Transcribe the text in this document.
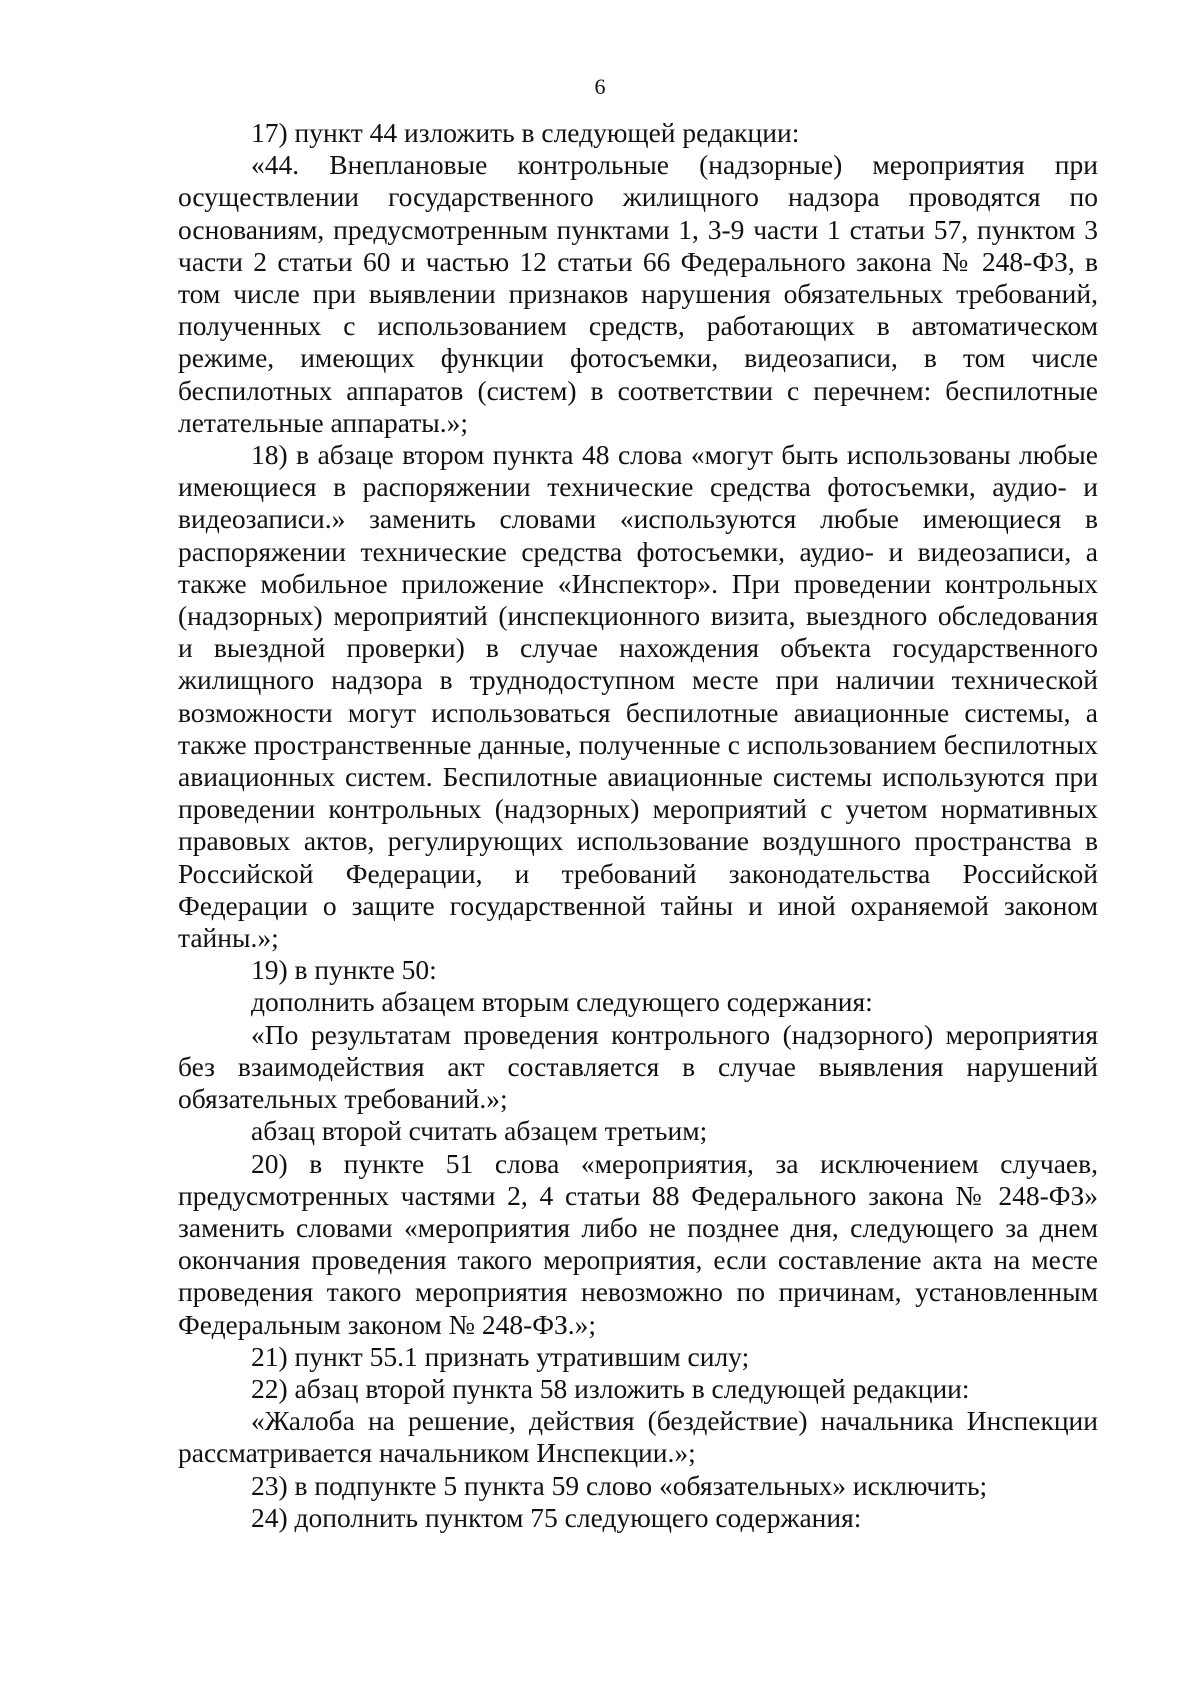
6

17) пункт 44 изложить в следующей редакции:

«44. Внеплановые контрольные (надзорные) мероприятия при осуществлении государственного жилищного надзора проводятся по основаниям, предусмотренным пунктами 1, 3-9 части 1 статьи 57, пунктом 3 части 2 статьи 60 и частью 12 статьи 66 Федерального закона № 248-ФЗ, в том числе при выявлении признаков нарушения обязательных требований, полученных с использованием средств, работающих в автоматическом режиме, имеющих функции фотосъемки, видеозаписи, в том числе беспилотных аппаратов (систем) в соответствии с перечнем: беспилотные летательные аппараты.»;

18) в абзаце втором пункта 48 слова «могут быть использованы любые имеющиеся в распоряжении технические средства фотосъемки, аудио- и видеозаписи.» заменить словами «используются любые имеющиеся в распоряжении технические средства фотосъемки, аудио- и видеозаписи, а также мобильное приложение «Инспектор». При проведении контрольных (надзорных) мероприятий (инспекционного визита, выездного обследования и выездной проверки) в случае нахождения объекта государственного жилищного надзора в труднодоступном месте при наличии технической возможности могут использоваться беспилотные авиационные системы, а также пространственные данные, полученные с использованием беспилотных авиационных систем. Беспилотные авиационные системы используются при проведении контрольных (надзорных) мероприятий с учетом нормативных правовых актов, регулирующих использование воздушного пространства в Российской Федерации, и требований законодательства Российской Федерации о защите государственной тайны и иной охраняемой законом тайны.»;

19) в пункте 50:

дополнить абзацем вторым следующего содержания:

«По результатам проведения контрольного (надзорного) мероприятия без взаимодействия акт составляется в случае выявления нарушений обязательных требований.»;

абзац второй считать абзацем третьим;

20) в пункте 51 слова «мероприятия, за исключением случаев, предусмотренных частями 2, 4 статьи 88 Федерального закона № 248-ФЗ» заменить словами «мероприятия либо не позднее дня, следующего за днем окончания проведения такого мероприятия, если составление акта на месте проведения такого мероприятия невозможно по причинам, установленным Федеральным законом № 248-ФЗ.»;

21) пункт 55.1 признать утратившим силу;

22) абзац второй пункта 58 изложить в следующей редакции:

«Жалоба на решение, действия (бездействие) начальника Инспекции рассматривается начальником Инспекции.»;

23) в подпункте 5 пункта 59 слово «обязательных» исключить;

24) дополнить пунктом 75 следующего содержания:
